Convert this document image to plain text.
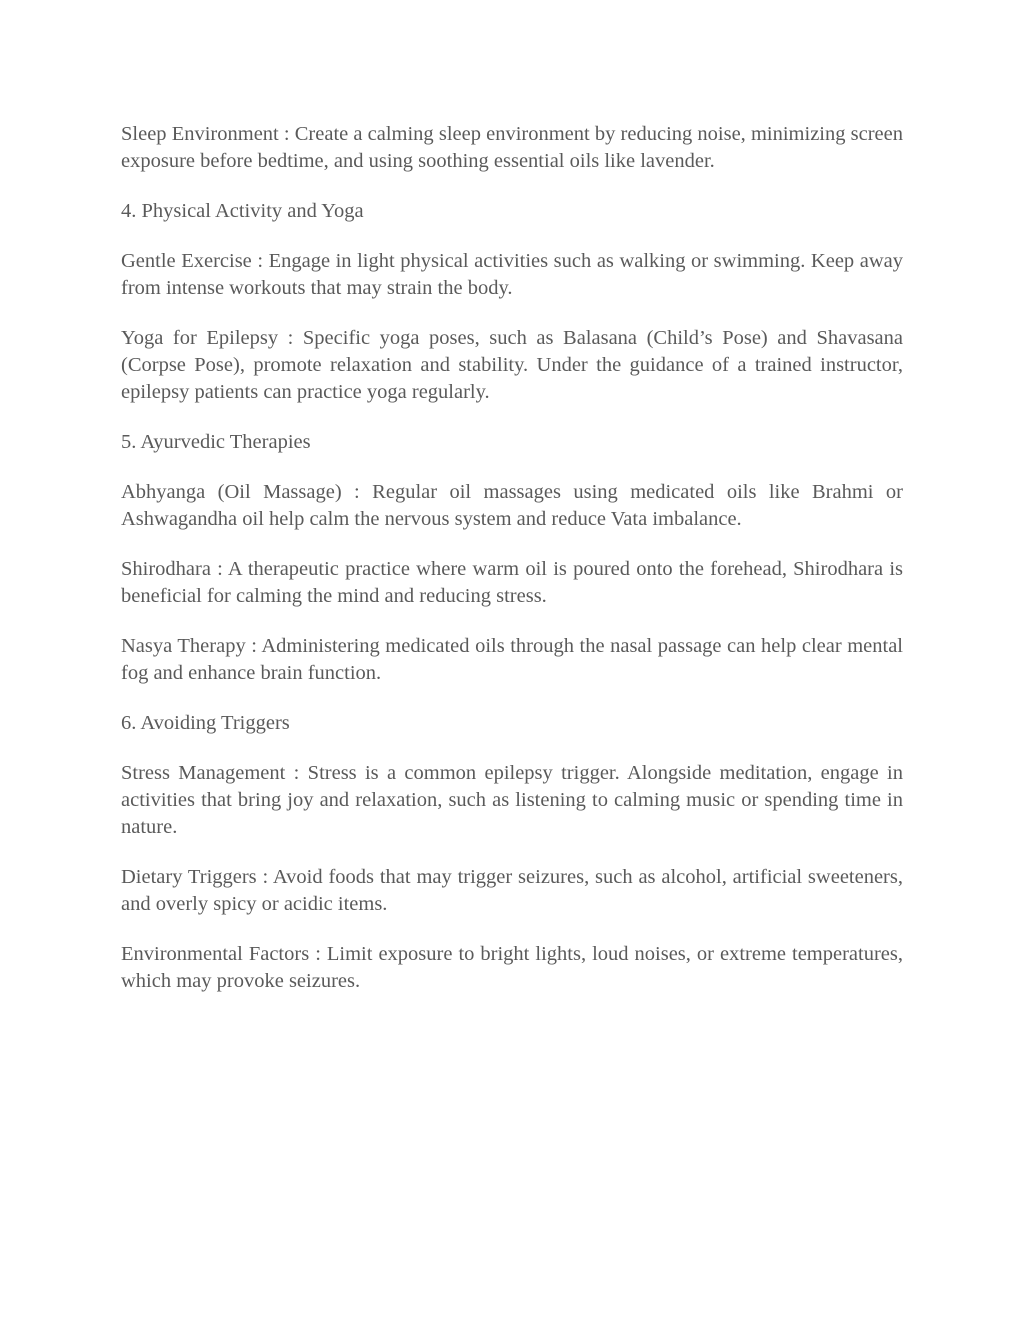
Sleep Environment : Create a calming sleep environment by reducing noise, minimizing screen exposure before bedtime, and using soothing essential oils like lavender.

4. Physical Activity and Yoga

Gentle Exercise : Engage in light physical activities such as walking or swimming. Keep away from intense workouts that may strain the body.

Yoga for Epilepsy : Specific yoga poses, such as Balasana (Child’s Pose) and Shavasana (Corpse Pose), promote relaxation and stability. Under the guidance of a trained instructor, epilepsy patients can practice yoga regularly.

5. Ayurvedic Therapies

Abhyanga (Oil Massage) : Regular oil massages using medicated oils like Brahmi or Ashwagandha oil help calm the nervous system and reduce Vata imbalance.

Shirodhara : A therapeutic practice where warm oil is poured onto the forehead, Shirodhara is beneficial for calming the mind and reducing stress.

Nasya Therapy : Administering medicated oils through the nasal passage can help clear mental fog and enhance brain function.

6. Avoiding Triggers

Stress Management : Stress is a common epilepsy trigger. Alongside meditation, engage in activities that bring joy and relaxation, such as listening to calming music or spending time in nature.

Dietary Triggers : Avoid foods that may trigger seizures, such as alcohol, artificial sweeteners, and overly spicy or acidic items.

Environmental Factors : Limit exposure to bright lights, loud noises, or extreme temperatures, which may provoke seizures.
